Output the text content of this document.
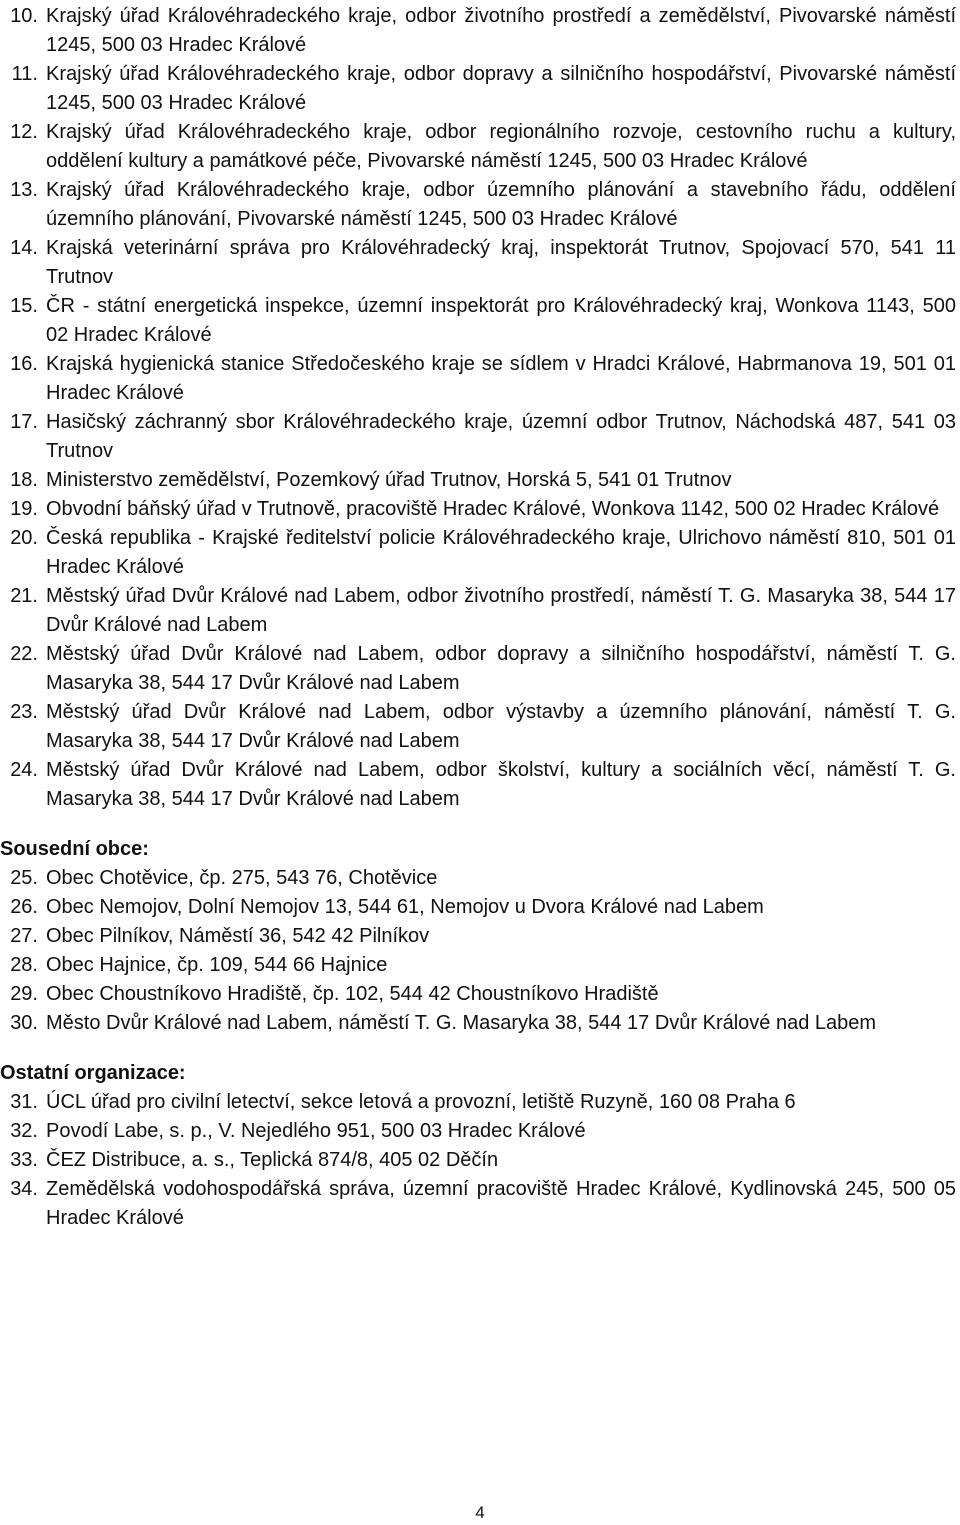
10. Krajský úřad Královéhradeckého kraje, odbor životního prostředí a zemědělství, Pivovarské náměstí 1245, 500 03 Hradec Králové
11. Krajský úřad Královéhradeckého kraje, odbor dopravy a silničního hospodářství, Pivovarské náměstí 1245, 500 03 Hradec Králové
12. Krajský úřad Královéhradeckého kraje, odbor regionálního rozvoje, cestovního ruchu a kultury, oddělení kultury a památkové péče, Pivovarské náměstí 1245, 500 03 Hradec Králové
13. Krajský úřad Královéhradeckého kraje, odbor územního plánování a stavebního řádu, oddělení územního plánování, Pivovarské náměstí 1245, 500 03 Hradec Králové
14. Krajská veterinární správa pro Královéhradecký kraj, inspektorát Trutnov, Spojovací 570, 541 11 Trutnov
15. ČR - státní energetická inspekce, územní inspektorát pro Královéhradecký kraj, Wonkova 1143, 500 02 Hradec Králové
16. Krajská hygienická stanice Středočeského kraje se sídlem v Hradci Králové, Habrmanova 19, 501 01 Hradec Králové
17. Hasičský záchranný sbor Královéhradeckého kraje, územní odbor Trutnov, Náchodská 487, 541 03 Trutnov
18. Ministerstvo zemědělství, Pozemkový úřad Trutnov, Horská 5, 541 01 Trutnov
19. Obvodní báňský úřad v Trutnově, pracoviště Hradec Králové, Wonkova 1142, 500 02 Hradec Králové
20. Česká republika - Krajské ředitelství policie Královéhradeckého kraje, Ulrichovo náměstí 810, 501 01 Hradec Králové
21. Městský úřad Dvůr Králové nad Labem, odbor životního prostředí, náměstí T. G. Masaryka 38, 544 17 Dvůr Králové nad Labem
22. Městský úřad Dvůr Králové nad Labem, odbor dopravy a silničního hospodářství, náměstí T. G. Masaryka 38, 544 17 Dvůr Králové nad Labem
23. Městský úřad Dvůr Králové nad Labem, odbor výstavby a územního plánování, náměstí T. G. Masaryka 38, 544 17 Dvůr Králové nad Labem
24. Městský úřad Dvůr Králové nad Labem, odbor školství, kultury a sociálních věcí, náměstí T. G. Masaryka 38, 544 17 Dvůr Králové nad Labem
Sousední obce:
25. Obec Chotěvice, čp. 275, 543 76, Chotěvice
26. Obec Nemojov, Dolní Nemojov 13, 544 61, Nemojov u Dvora Králové nad Labem
27. Obec Pilníkov, Náměstí 36, 542 42 Pilníkov
28. Obec Hajnice, čp. 109, 544 66 Hajnice
29. Obec Choustníkovo Hradiště, čp. 102, 544 42 Choustníkovo Hradiště
30. Město Dvůr Králové nad Labem, náměstí T. G. Masaryka 38, 544 17 Dvůr Králové nad Labem
Ostatní organizace:
31. ÚCL úřad pro civilní letectví, sekce letová a provozní, letiště Ruzyně, 160 08 Praha 6
32. Povodí Labe, s. p., V. Nejedlého 951, 500 03 Hradec Králové
33. ČEZ Distribuce, a. s., Teplická 874/8, 405 02 Děčín
34. Zemědělská vodohospodářská správa, územní pracoviště Hradec Králové, Kydlinovská 245, 500 05 Hradec Králové
4
